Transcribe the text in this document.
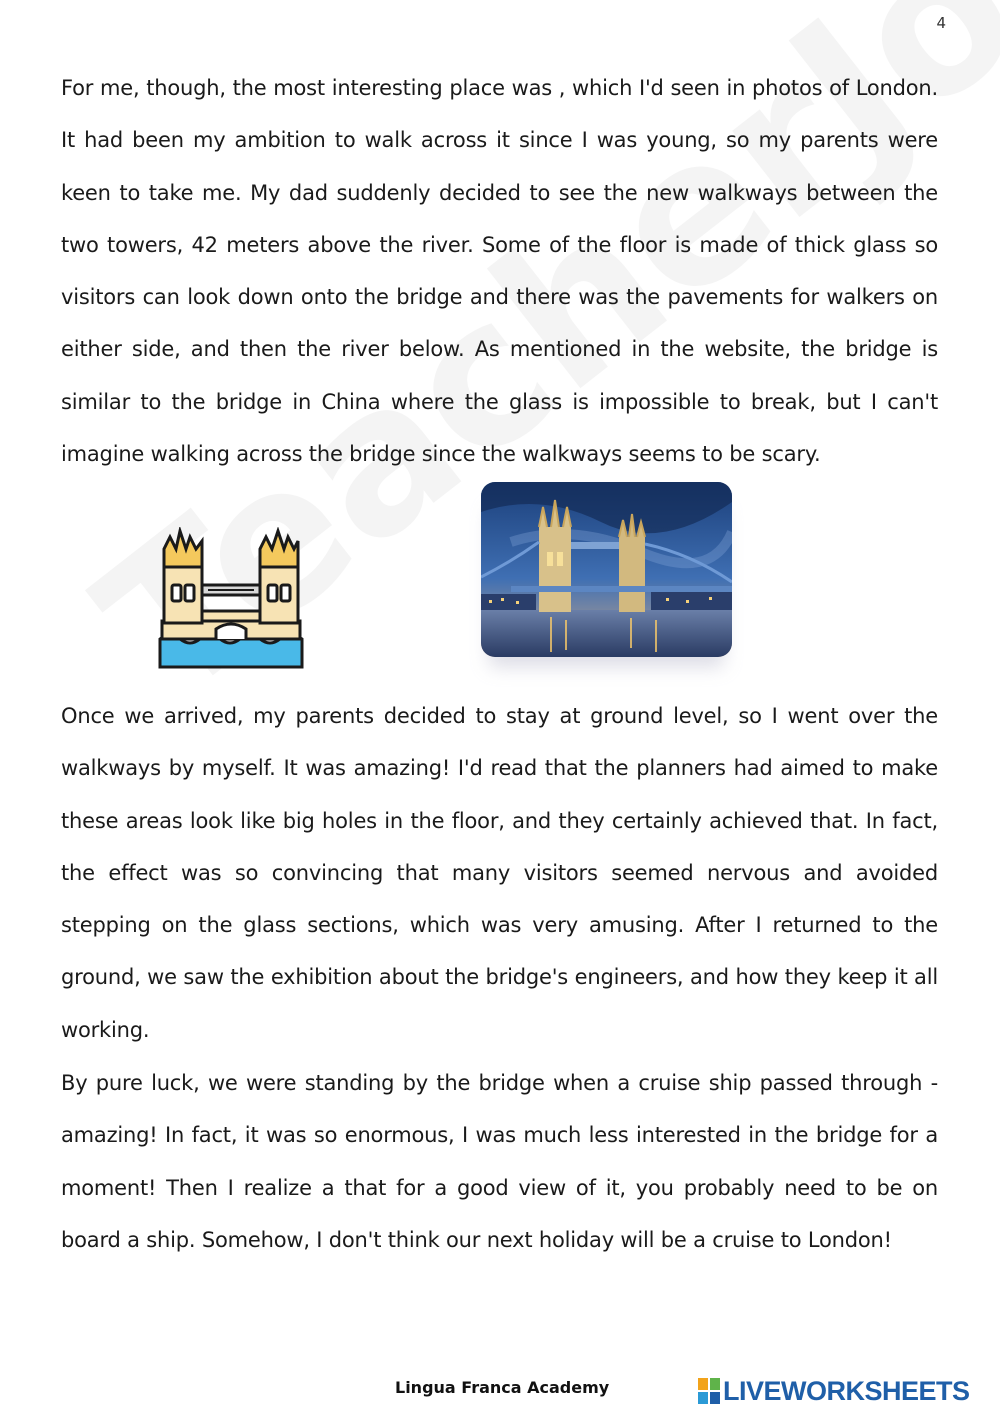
4

For me, though, the most interesting place was , which I'd seen in photos of London. It had been my ambition to walk across it since I was young, so my parents were keen to take me. My dad suddenly decided to see the new walkways between the two towers, 42 meters above the river. Some of the floor is made of thick glass so visitors can look down onto the bridge and there was the pavements for walkers on either side, and then the river below. As mentioned in the website, the bridge is similar to the bridge in China where the glass is impossible to break, but I can't imagine walking across the bridge since the walkways seems to be scary.

Once we arrived, my parents decided to stay at ground level, so I went over the walkways by myself. It was amazing! I'd read that the planners had aimed to make these areas look like big holes in the floor, and they certainly achieved that. In fact, the effect was so convincing that many visitors seemed nervous and avoided stepping on the glass sections, which was very amusing. After I returned to the ground, we saw the exhibition about the bridge's engineers, and how they keep it all working.

By pure luck, we were standing by the bridge when a cruise ship passed through - amazing! In fact, it was so enormous, I was much less interested in the bridge for a moment! Then I realize a that for a good view of it, you probably need to be on board a ship. Somehow, I don't think our next holiday will be a cruise to London!

Lingua Franca Academy	LIVEWORKSHEETS
